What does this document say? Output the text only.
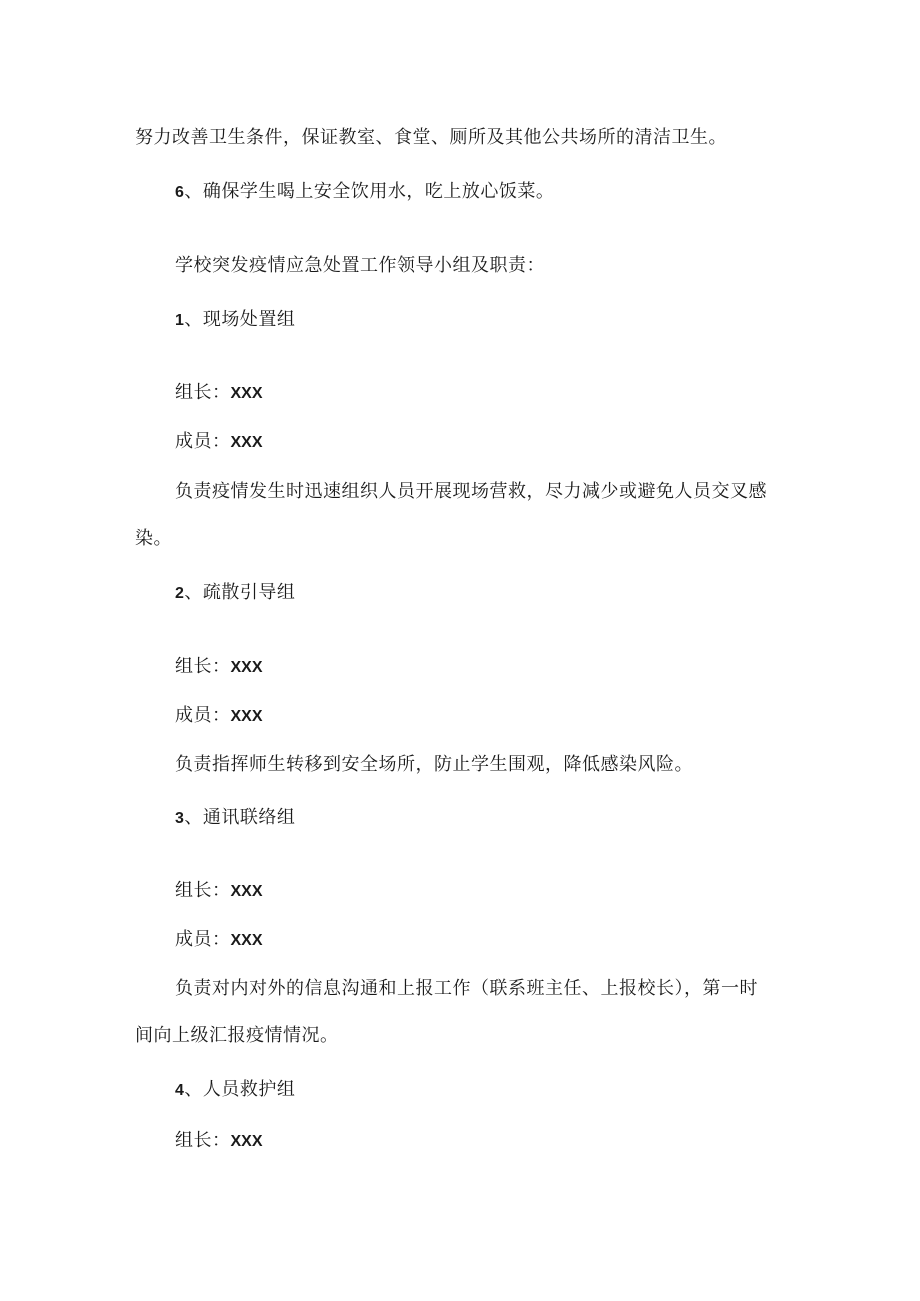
努力改善卫生条件，保证教室、食堂、厕所及其他公共场所的清洁卫生。
6、确保学生喝上安全饮用水，吃上放心饭菜。
学校突发疫情应急处置工作领导小组及职责：
1、现场处置组
组长：XXX
成员：XXX
负责疫情发生时迅速组织人员开展现场营救，尽力减少或避免人员交叉感
染。
2、疏散引导组
组长：XXX
成员：XXX
负责指挥师生转移到安全场所，防止学生围观，降低感染风险。
3、通讯联络组
组长：XXX
成员：XXX
负责对内对外的信息沟通和上报工作（联系班主任、上报校长），第一时
间向上级汇报疫情情况。
4、人员救护组
组长：XXX
